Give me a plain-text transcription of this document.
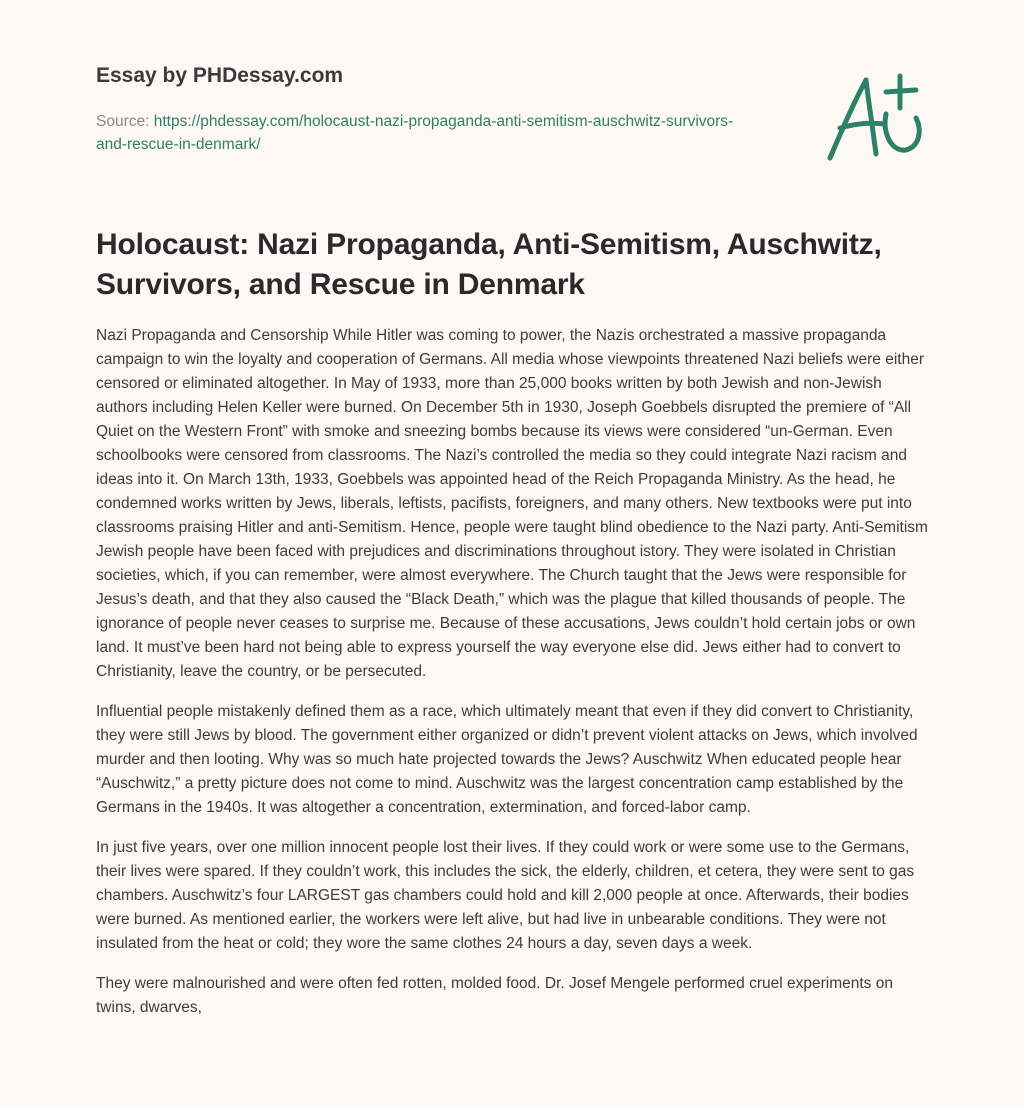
Essay by PHDessay.com
Source: https://phdessay.com/holocaust-nazi-propaganda-anti-semitism-auschwitz-survivors-and-rescue-in-denmark/
Holocaust: Nazi Propaganda, Anti-Semitism, Auschwitz, Survivors, and Rescue in Denmark

Nazi Propaganda and Censorship While Hitler was coming to power, the Nazis orchestrated a massive propaganda campaign to win the loyalty and cooperation of Germans. All media whose viewpoints threatened Nazi beliefs were either censored or eliminated altogether. In May of 1933, more than 25,000 books written by both Jewish and non-Jewish authors including Helen Keller were burned. On December 5th in 1930, Joseph Goebbels disrupted the premiere of “All Quiet on the Western Front” with smoke and sneezing bombs because its views were considered “un-German. Even schoolbooks were censored from classrooms. The Nazi’s controlled the media so they could integrate Nazi racism and ideas into it. On March 13th, 1933, Goebbels was appointed head of the Reich Propaganda Ministry. As the head, he condemned works written by Jews, liberals, leftists, pacifists, foreigners, and many others. New textbooks were put into classrooms praising Hitler and anti-Semitism. Hence, people were taught blind obedience to the Nazi party. Anti-Semitism Jewish people have been faced with prejudices and discriminations throughout istory. They were isolated in Christian societies, which, if you can remember, were almost everywhere. The Church taught that the Jews were responsible for Jesus’s death, and that they also caused the “Black Death,” which was the plague that killed thousands of people. The ignorance of people never ceases to surprise me. Because of these accusations, Jews couldn’t hold certain jobs or own land. It must’ve been hard not being able to express yourself the way everyone else did. Jews either had to convert to Christianity, leave the country, or be persecuted.

Influential people mistakenly defined them as a race, which ultimately meant that even if they did convert to Christianity, they were still Jews by blood. The government either organized or didn’t prevent violent attacks on Jews, which involved murder and then looting. Why was so much hate projected towards the Jews? Auschwitz When educated people hear “Auschwitz,” a pretty picture does not come to mind. Auschwitz was the largest concentration camp established by the Germans in the 1940s. It was altogether a concentration, extermination, and forced-labor camp.

In just five years, over one million innocent people lost their lives. If they could work or were some use to the Germans, their lives were spared. If they couldn’t work, this includes the sick, the elderly, children, et cetera, they were sent to gas chambers. Auschwitz’s four LARGEST gas chambers could hold and kill 2,000 people at once. Afterwards, their bodies were burned. As mentioned earlier, the workers were left alive, but had live in unbearable conditions. They were not insulated from the heat or cold; they wore the same clothes 24 hours a day, seven days a week.

They were malnourished and were often fed rotten, molded food. Dr. Josef Mengele performed cruel experiments on twins, dwarves,
